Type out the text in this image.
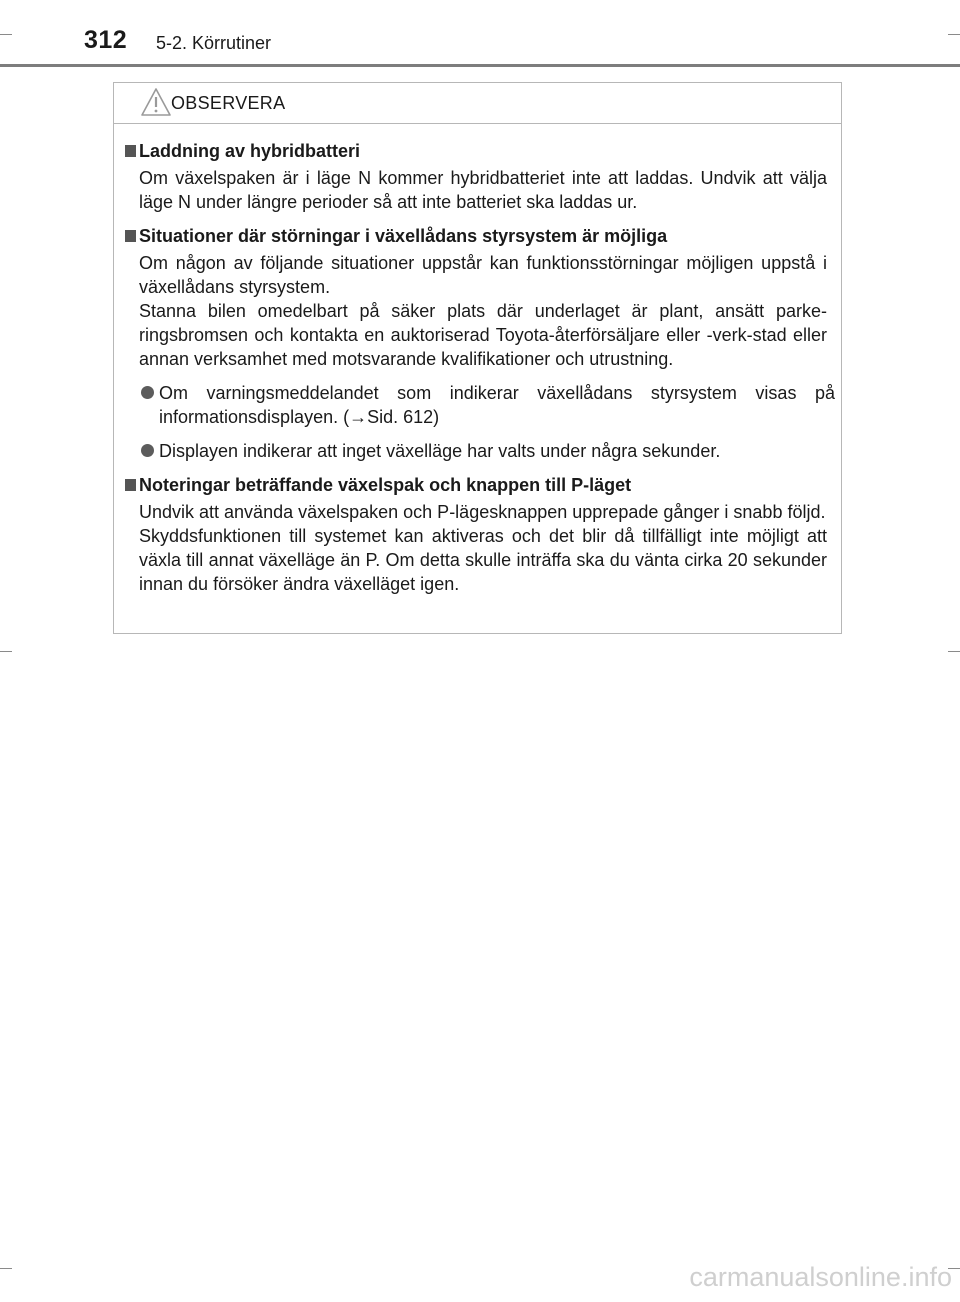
312 5-2. Körrutiner
OBSERVERA
Laddning av hybridbatteri
Om växelspaken är i läge N kommer hybridbatteriet inte att laddas. Undvik att välja läge N under längre perioder så att inte batteriet ska laddas ur.
Situationer där störningar i växellådans styrsystem är möjliga
Om någon av följande situationer uppstår kan funktionsstörningar möjligen uppstå i växellådans styrsystem.
Stanna bilen omedelbart på säker plats där underlaget är plant, ansätt parke-ringsbromsen och kontakta en auktoriserad Toyota-återförsäljare eller -verk-stad eller annan verksamhet med motsvarande kvalifikationer och utrustning.
Om varningsmeddelandet som indikerar växellådans styrsystem visas på informationsdisplayen. (→Sid. 612)
Displayen indikerar att inget växelläge har valts under några sekunder.
Noteringar beträffande växelspak och knappen till P-läget
Undvik att använda växelspaken och P-lägesknappen upprepade gånger i snabb följd.
Skyddsfunktionen till systemet kan aktiveras och det blir då tillfälligt inte möjligt att växla till annat växelläge än P. Om detta skulle inträffa ska du vänta cirka 20 sekunder innan du försöker ändra växelläget igen.
carmanualsonline.info
